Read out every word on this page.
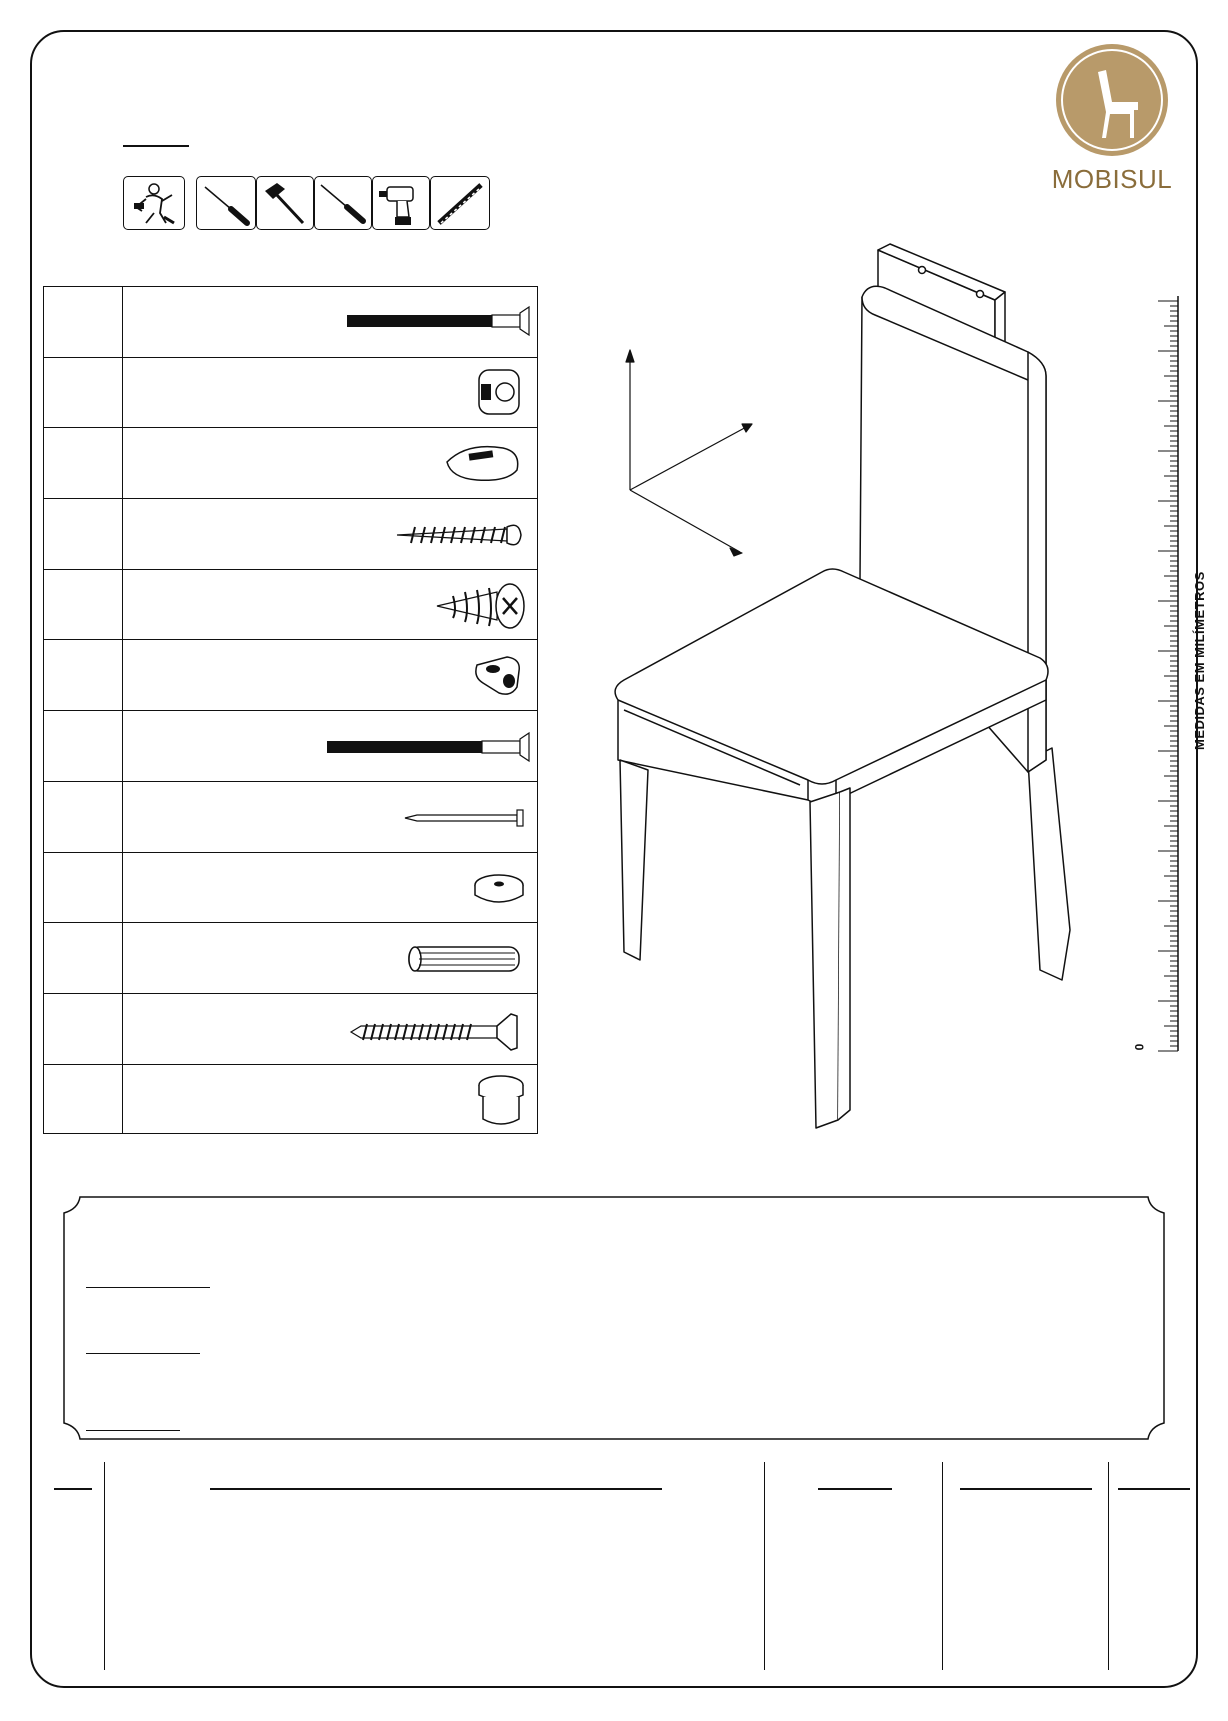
MOBISUL
MEDIDAS EM MILÍMETROS
0
